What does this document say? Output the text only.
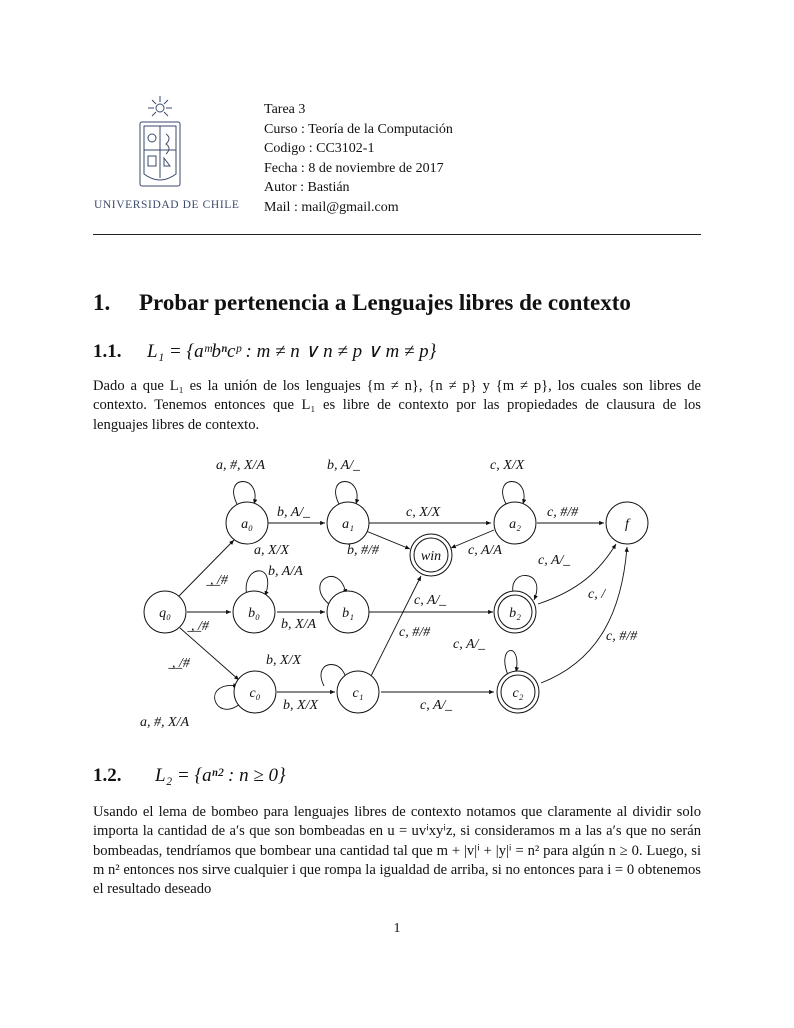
UNIVERSIDAD DE CHILE
Tarea 3
Curso : Teoría de la Computación
Codigo : CC3102-1
Fecha : 8 de noviembre de 2017
Autor : Bastián
Mail : mail@gmail.com
1. Probar pertenencia a Lenguajes libres de contexto
1.1. L₁ = {aᵐbⁿcᵖ : m ≠ n ∨ n ≠ p ∨ m ≠ p}
Dado a que L₁ es la unión de los lenguajes {m ≠ n}, {n ≠ p} y {m ≠ p}, los cuales son libres de contexto. Tenemos entonces que L₁ es libre de contexto por las propiedades de clausura de los lenguajes libres de contexto.
q₀
a₀	a₁	a₂	f
win
b₀	b₁	b₂
c₀	c₁	c₂
a, #, X/A	b, A/ ̲	c, X/X
b, A/ ̲	c, X/X	c, #/#
a, X/X	b, #/#	c, A/A
c, A/ ̲
b, A/A
̲, ̲/#
c, /
c, A/ ̲
̲, ̲/#	b, X/A
c, #/#	c, #/#
c, A/ ̲
b, X/X
̲, ̲/#
b, X/X	c, A/ ̲
a, #, X/A
1.2. L₂ = {aⁿ² : n ≥ 0}
Usando el lema de bombeo para lenguajes libres de contexto notamos que claramente al dividir solo importa la cantidad de a′s que son bombeadas en u = uvⁱxyⁱz, si consideramos m a las a′s que no serán bombeadas, tendríamos que bombear una cantidad tal que m + |v|ⁱ + |y|ⁱ = n² para algún n ≥ 0. Luego, si m n² entonces nos sirve cualquier i que rompa la igualdad de arriba, si no entonces para i = 0 obtenemos el resultado deseado
1
